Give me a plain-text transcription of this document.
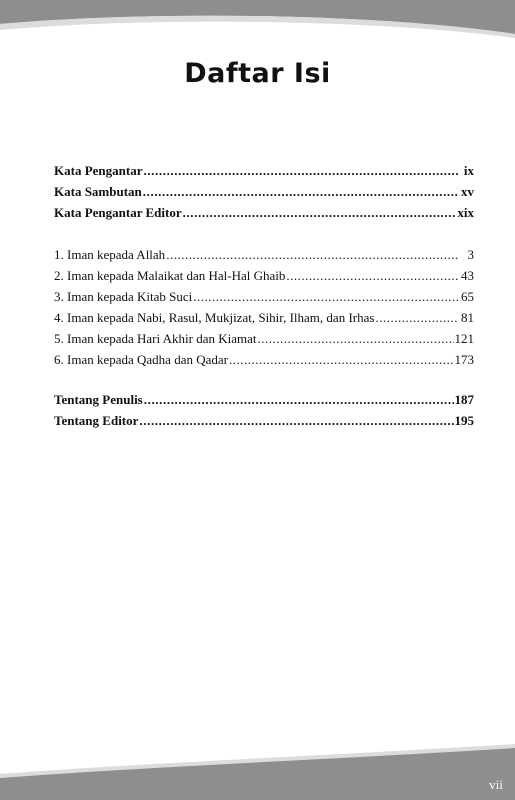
Daftar Isi
Kata Pengantar .....	ix
Kata Sambutan .....	xv
Kata Pengantar Editor .....	xix
1. Iman kepada Allah .....	3
2. Iman kepada Malaikat dan Hal-Hal Ghaib .....	43
3. Iman kepada Kitab Suci .....	65
4. Iman kepada Nabi, Rasul, Mukjizat, Sihir, Ilham, dan Irhas .....	81
5. Iman kepada Hari Akhir dan Kiamat .....	121
6. Iman kepada Qadha dan Qadar .....	173
Tentang Penulis .....	187
Tentang Editor .....	195
vii
